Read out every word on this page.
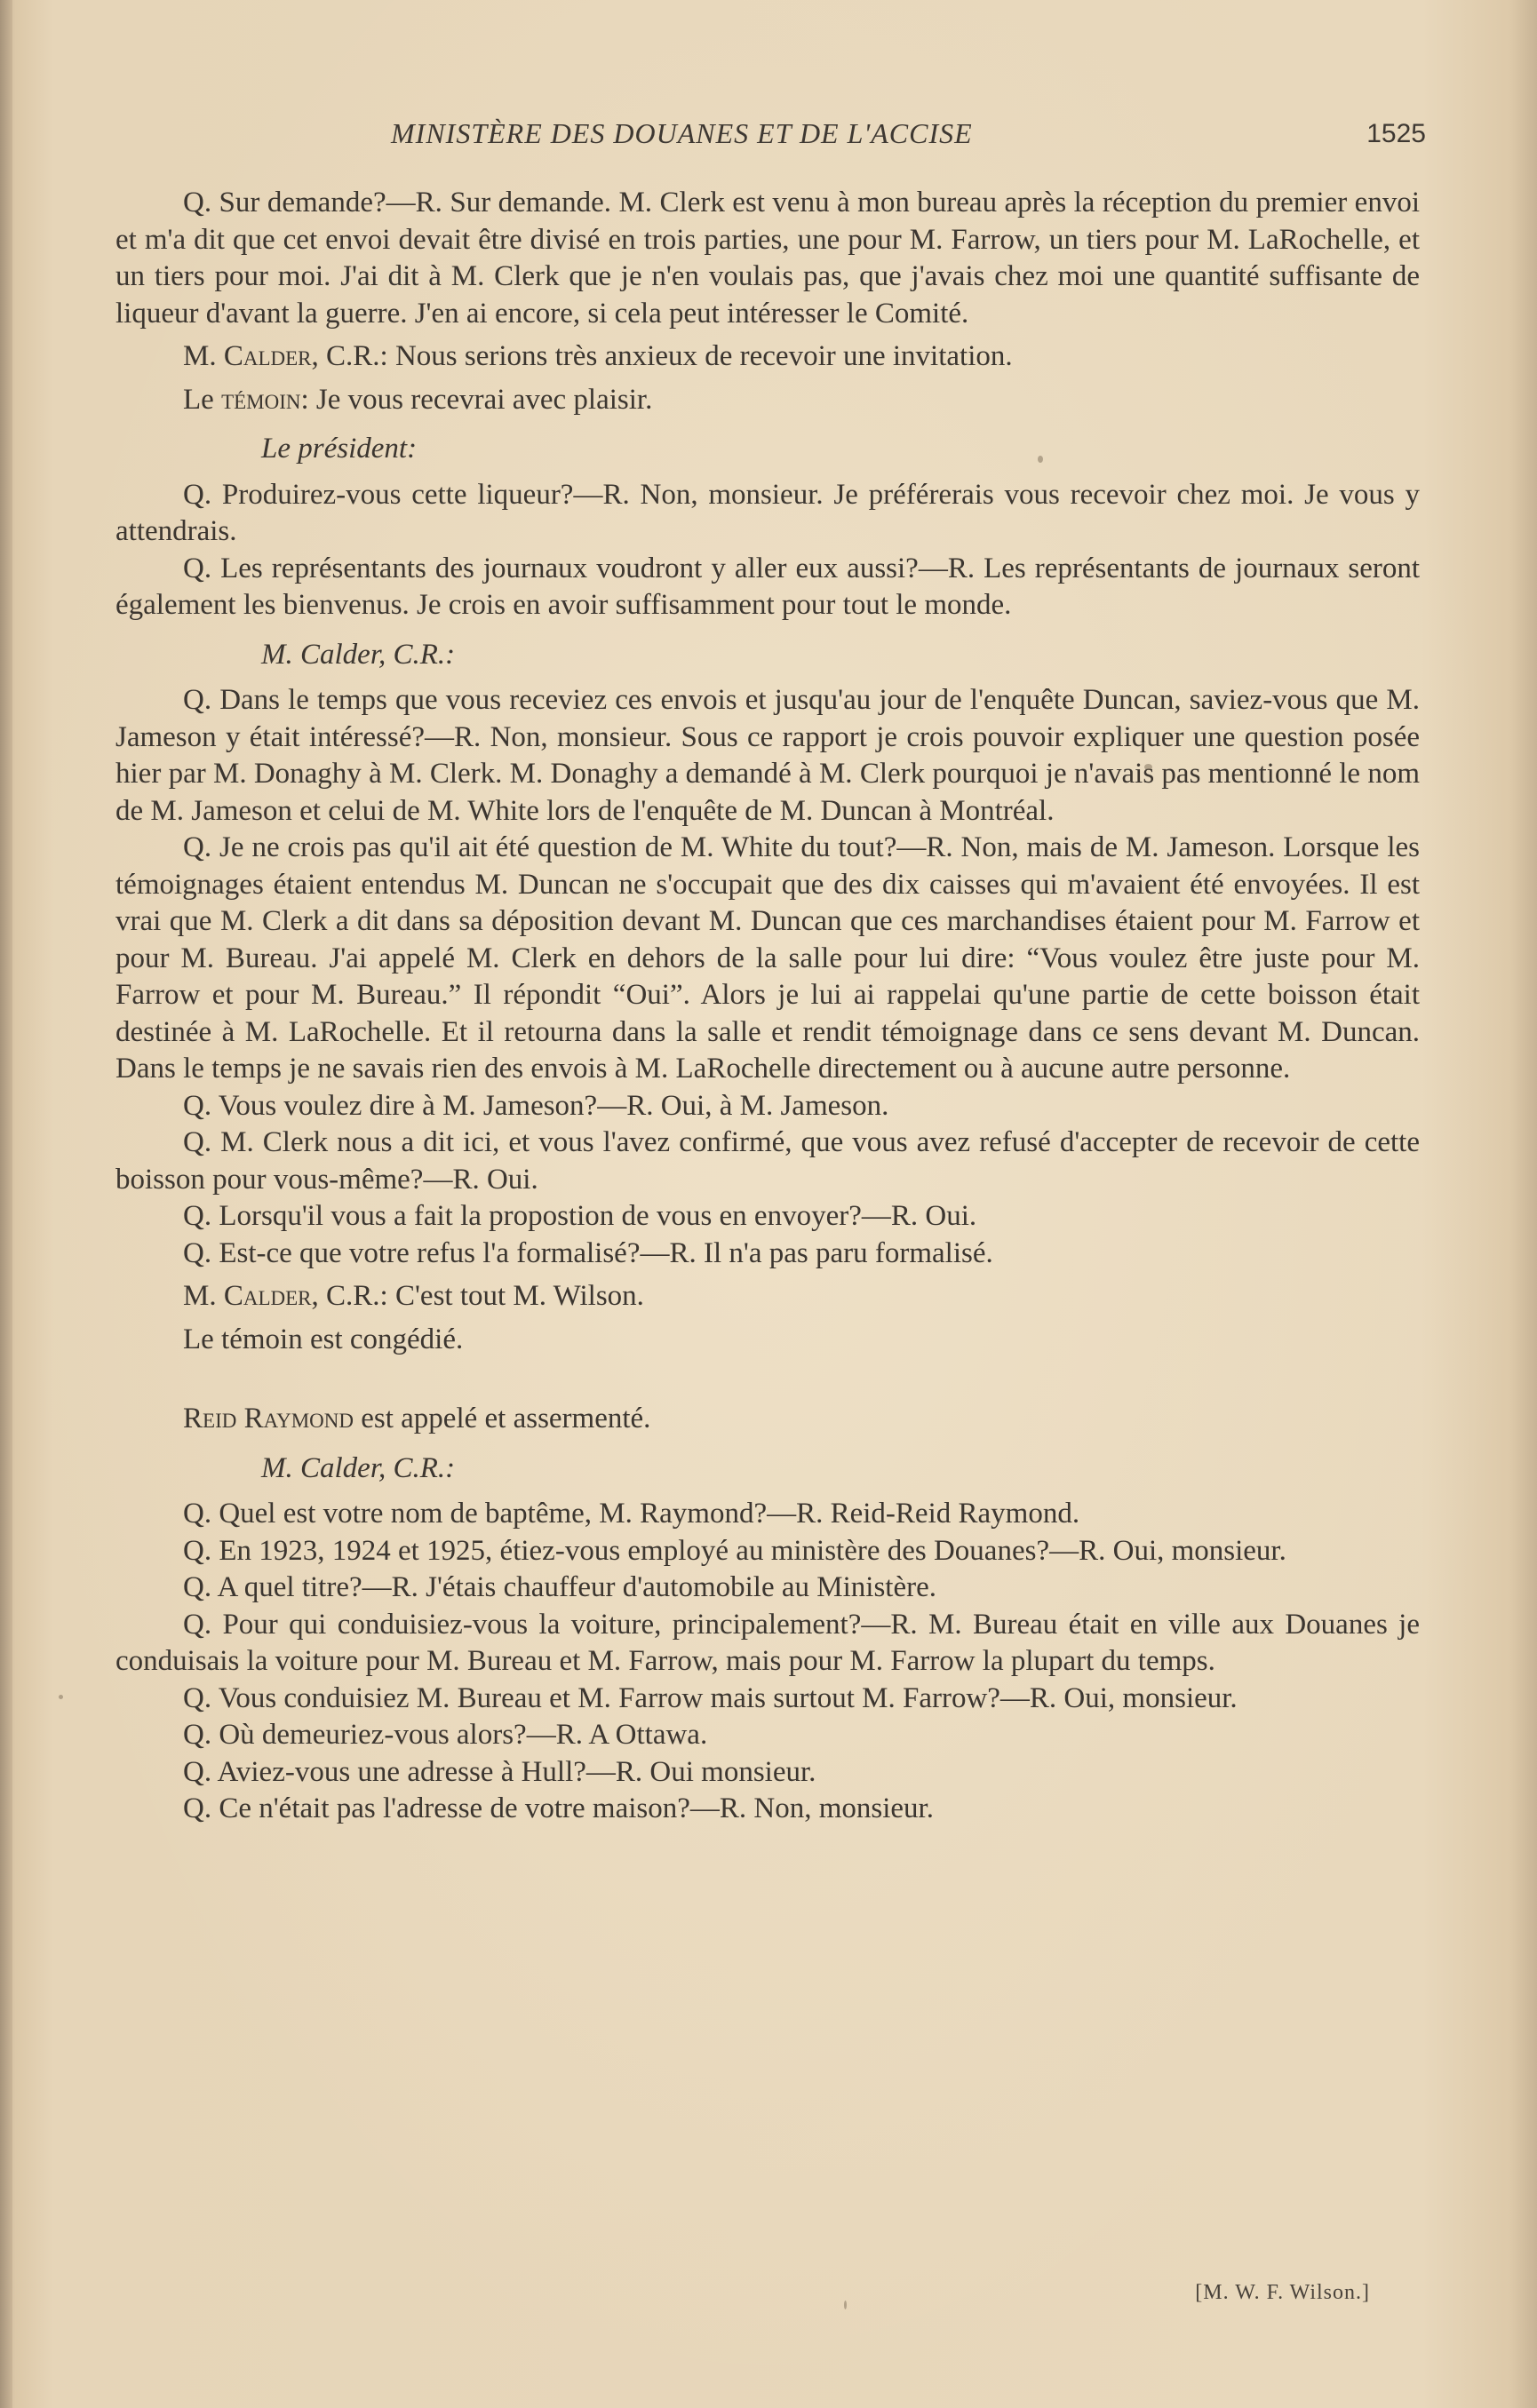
MINISTÈRE DES DOUANES ET DE L'ACCISE	1525

Q. Sur demande?—R. Sur demande. M. Clerk est venu à mon bureau après la réception du premier envoi et m'a dit que cet envoi devait être divisé en trois parties, une pour M. Farrow, un tiers pour M. LaRochelle, et un tiers pour moi. J'ai dit à M. Clerk que je n'en voulais pas, que j'avais chez moi une quantité suffisante de liqueur d'avant la guerre. J'en ai encore, si cela peut intéresser le Comité.

M. Calder, C.R.: Nous serions très anxieux de recevoir une invitation.

Le témoin: Je vous recevrai avec plaisir.

Le président:

Q. Produirez-vous cette liqueur?—R. Non, monsieur. Je préférerais vous recevoir chez moi. Je vous y attendrais.

Q. Les représentants des journaux voudront y aller eux aussi?—R. Les représentants de journaux seront également les bienvenus. Je crois en avoir suffisamment pour tout le monde.

M. Calder, C.R.:

Q. Dans le temps que vous receviez ces envois et jusqu'au jour de l'enquête Duncan, saviez-vous que M. Jameson y était intéressé?—R. Non, monsieur. Sous ce rapport je crois pouvoir expliquer une question posée hier par M. Donaghy à M. Clerk. M. Donaghy a demandé à M. Clerk pourquoi je n'avais pas mentionné le nom de M. Jameson et celui de M. White lors de l'enquête de M. Duncan à Montréal.

Q. Je ne crois pas qu'il ait été question de M. White du tout?—R. Non, mais de M. Jameson. Lorsque les témoignages étaient entendus M. Duncan ne s'occupait que des dix caisses qui m'avaient été envoyées. Il est vrai que M. Clerk a dit dans sa déposition devant M. Duncan que ces marchandises étaient pour M. Farrow et pour M. Bureau. J'ai appelé M. Clerk en dehors de la salle pour lui dire: “Vous voulez être juste pour M. Farrow et pour M. Bureau.” Il répondit “Oui”. Alors je lui ai rappelai qu'une partie de cette boisson était destinée à M. LaRochelle. Et il retourna dans la salle et rendit témoignage dans ce sens devant M. Duncan. Dans le temps je ne savais rien des envois à M. LaRochelle directement ou à aucune autre personne.

Q. Vous voulez dire à M. Jameson?—R. Oui, à M. Jameson.

Q. M. Clerk nous a dit ici, et vous l'avez confirmé, que vous avez refusé d'accepter de recevoir de cette boisson pour vous-même?—R. Oui.

Q. Lorsqu'il vous a fait la propostion de vous en envoyer?—R. Oui.

Q. Est-ce que votre refus l'a formalisé?—R. Il n'a pas paru formalisé.

M. Calder, C.R.: C'est tout M. Wilson.

Le témoin est congédié.

Reid Raymond est appelé et assermenté.

M. Calder, C.R.:

Q. Quel est votre nom de baptême, M. Raymond?—R. Reid-Reid Raymond.

Q. En 1923, 1924 et 1925, étiez-vous employé au ministère des Douanes?—R. Oui, monsieur.

Q. A quel titre?—R. J'étais chauffeur d'automobile au Ministère.

Q. Pour qui conduisiez-vous la voiture, principalement?—R. M. Bureau était en ville aux Douanes je conduisais la voiture pour M. Bureau et M. Farrow, mais pour M. Farrow la plupart du temps.

Q. Vous conduisiez M. Bureau et M. Farrow mais surtout M. Farrow?—R. Oui, monsieur.

Q. Où demeuriez-vous alors?—R. A Ottawa.

Q. Aviez-vous une adresse à Hull?—R. Oui monsieur.

Q. Ce n'était pas l'adresse de votre maison?—R. Non, monsieur.

[M. W. F. Wilson.]
